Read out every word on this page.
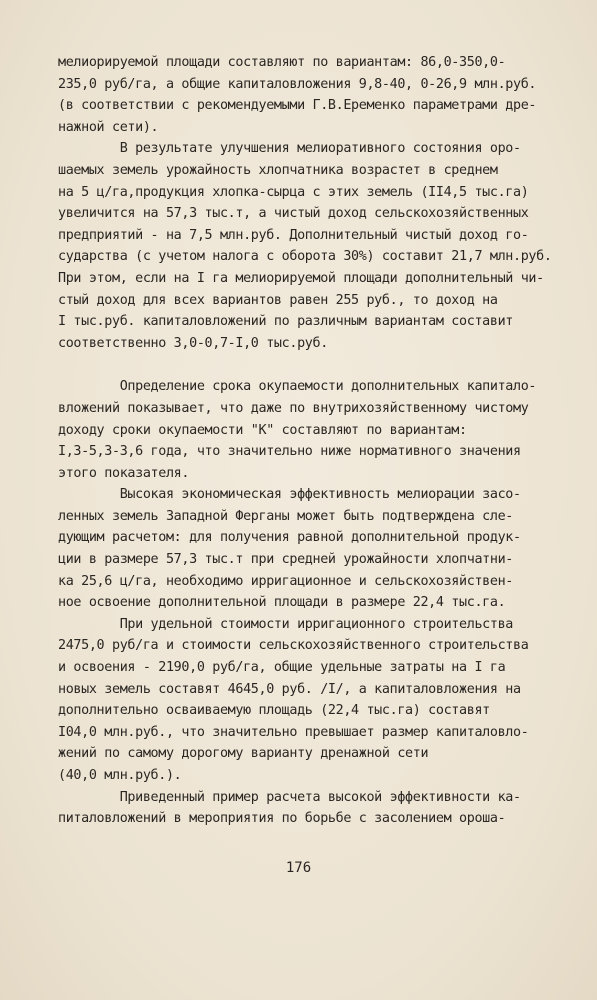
мелиорируемой площади составляют по вариантам: 86,0-350,0-
235,0 руб/га, а общие капиталовложения 9,8-40, 0-26,9 млн.руб.
(в соответствии с рекомендуемыми Г.В.Еременко параметрами дре-
нажной сети).
В результате улучшения мелиоративного состояния оро-
шаемых земель урожайность хлопчатника возрастет в среднем
на 5 ц/га,продукция хлопка-сырца с этих земель (II4,5 тыс.га)
увеличится на 57,3 тыс.т, а чистый доход сельскохозяйственных
предприятий - на 7,5 млн.руб. Дополнительный чистый доход го-
сударства (с учетом налога с оборота 30%) составит 21,7 млн.руб.
При этом, если на I га мелиорируемой площади дополнительный чи-
стый доход для всех вариантов равен 255 руб., то доход на
I тыс.руб. капиталовложений по различным вариантам составит
соответственно 3,0-0,7-I,0 тыс.руб.
Определение срока окупаемости дополнительных капитало-
вложений показывает, что даже по внутрихозяйственному чистому
доходу сроки окупаемости "К" составляют по вариантам:
I,3-5,3-3,6 года, что значительно ниже нормативного значения
этого показателя.
Высокая экономическая эффективность мелиорации засо-
ленных земель Западной Ферганы может быть подтверждена сле-
дующим расчетом: для получения равной дополнительной продук-
ции в размере 57,3 тыс.т при средней урожайности хлопчатни-
ка 25,6 ц/га, необходимо ирригационное и сельскохозяйствен-
ное освоение дополнительной площади в размере 22,4 тыс.га.
При удельной стоимости ирригационного строительства
2475,0 руб/га и стоимости сельскохозяйственного строительства
и освоения - 2190,0 руб/га, общие удельные затраты на I га
новых земель составят 4645,0 руб. /I/, а капиталовложения на
дополнительно осваиваемую площадь (22,4 тыс.га) составят
I04,0 млн.руб., что значительно превышает размер капиталовло-
жений по самому дорогому варианту дренажной сети
(40,0 млн.руб.).
Приведенный пример расчета высокой эффективности ка-
питаловложений в мероприятия по борьбе с засолением ороша-
176
